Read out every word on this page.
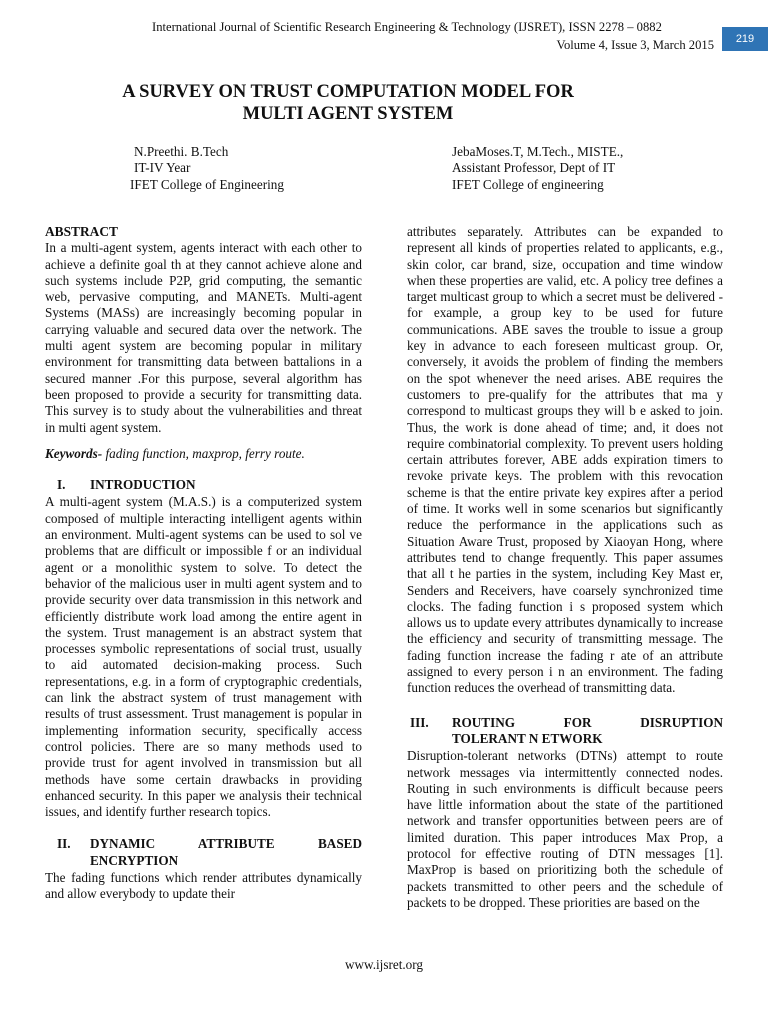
International Journal of Scientific Research Engineering & Technology (IJSRET), ISSN 2278 – 0882
Volume 4, Issue 3, March 2015	219
A SURVEY ON TRUST COMPUTATION MODEL FOR
MULTI AGENT SYSTEM
N.Preethi. B.Tech
IT-IV Year
IFET College of Engineering
JebaMoses.T, M.Tech., MISTE.,
Assistant Professor, Dept of IT
IFET College of engineering

ABSTRACT

In a multi-agent system, agents interact with each other to achieve a definite goal th at they cannot achieve alone and such systems include P2P, grid computing, the semantic web, pervasive computing, and MANETs. Multi-agent Systems (MASs) are increasingly becoming popular in carrying valuable and secured data over the network. The multi agent system are becoming popular in military environment for transmitting data between battalions in a secured manner .For this purpose, several algorithm has been proposed to provide a security for transmitting data. This survey is to study about the vulnerabilities and threat in multi agent system.

Keywords- fading function, maxprop, ferry route.

I.	INTRODUCTION

A multi-agent system (M.A.S.) is a computerized system composed of multiple interacting intelligent agents within an environment. Multi-agent systems can be used to sol ve problems that are difficult or impossible f or an individual agent or a monolithic system to solve. To detect the behavior of the malicious user in multi agent system and to provide security over data transmission in this network and efficiently distribute work load among the entire agent in the system. Trust management is an abstract system that processes symbolic representations of social trust, usually to aid automated decision-making process. Such representations, e.g. in a form of cryptographic credentials, can link the abstract system of trust management with results of trust assessment. Trust management is popular in implementing information security, specifically access control policies. There are so many methods used to provide trust for agent involved in transmission but all methods have some certain drawbacks in providing enhanced security. In this paper we analysis their technical issues, and identify further research topics.

II.	DYNAMIC ATTRIBUTE BASED ENCRYPTION

The fading functions which render attributes dynamically and allow everybody to update their

attributes separately. Attributes can be expanded to represent all kinds of properties related to applicants, e.g., skin color, car brand, size, occupation and time window when these properties are valid, etc. A policy tree defines a target multicast group to which a secret must be delivered - for example, a group key to be used for future communications. ABE saves the trouble to issue a group key in advance to each foreseen multicast group. Or, conversely, it avoids the problem of finding the members on the spot whenever the need arises. ABE requires the customers to pre-qualify for the attributes that ma y correspond to multicast groups they will b e asked to join. Thus, the work is done ahead of time; and, it does not require combinatorial complexity. To prevent users holding certain attributes forever, ABE adds expiration timers to revoke private keys. The problem with this revocation scheme is that the entire private key expires after a period of time. It works well in some scenarios but significantly reduce the performance in the applications such as Situation Aware Trust, proposed by Xiaoyan Hong, where attributes tend to change frequently. This paper assumes that all t he parties in the system, including Key Mast er, Senders and Receivers, have coarsely synchronized time clocks. The fading function i s proposed system which allows us to update every attributes dynamically to increase the efficiency and security of transmitting message. The fading function increase the fading r ate of an attribute assigned to every person i n an environment. The fading function reduces the overhead of transmitting data.

III.	ROUTING FOR DISRUPTION
TOLERANT N ETWORK

Disruption-tolerant networks (DTNs) attempt to route network messages via intermittently connected nodes. Routing in such environments is difficult because peers have little information about the state of the partitioned network and transfer opportunities between peers are of limited duration. This paper introduces Max Prop, a protocol for effective routing of DTN messages [1]. MaxProp is based on prioritizing both the schedule of packets transmitted to other peers and the schedule of packets to be dropped. These priorities are based on the

www.ijsret.org
